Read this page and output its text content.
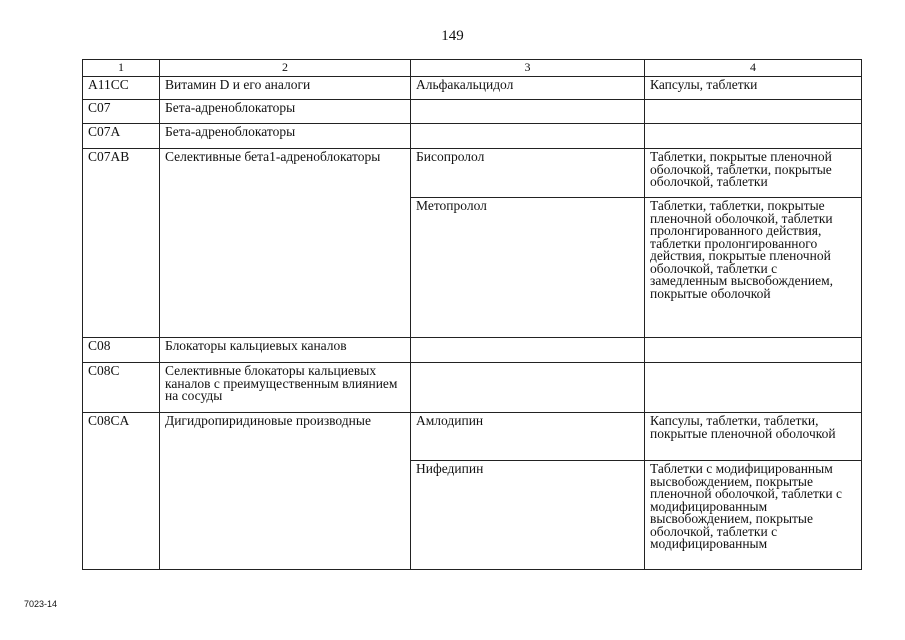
149
1	2	3	4
A11CC	Витамин D и его аналоги	Альфакальцидол	Капсулы, таблетки
C07	Бета-адреноблокаторы		
C07A	Бета-адреноблокаторы		
C07AB	Селективные бета1-адреноблокаторы	Бисопролол	Таблетки, покрытые пленочной оболочкой, таблетки, покрытые оболочкой, таблетки
		Метопролол	Таблетки, таблетки, покрытые пленочной оболочкой, таблетки пролонгированного действия, таблетки пролонгированного действия, покрытые пленочной оболочкой, таблетки с замедленным высвобождением, покрытые оболочкой
C08	Блокаторы кальциевых каналов		
C08C	Селективные блокаторы кальциевых каналов с преимущественным влиянием на сосуды		
C08CA	Дигидропиридиновые производные	Амлодипин	Капсулы, таблетки, таблетки, покрытые пленочной оболочкой
		Нифедипин	Таблетки с модифицированным высвобождением, покрытые пленочной оболочкой, таблетки с модифицированным высвобождением, покрытые оболочкой, таблетки с модифицированным
7023-14
